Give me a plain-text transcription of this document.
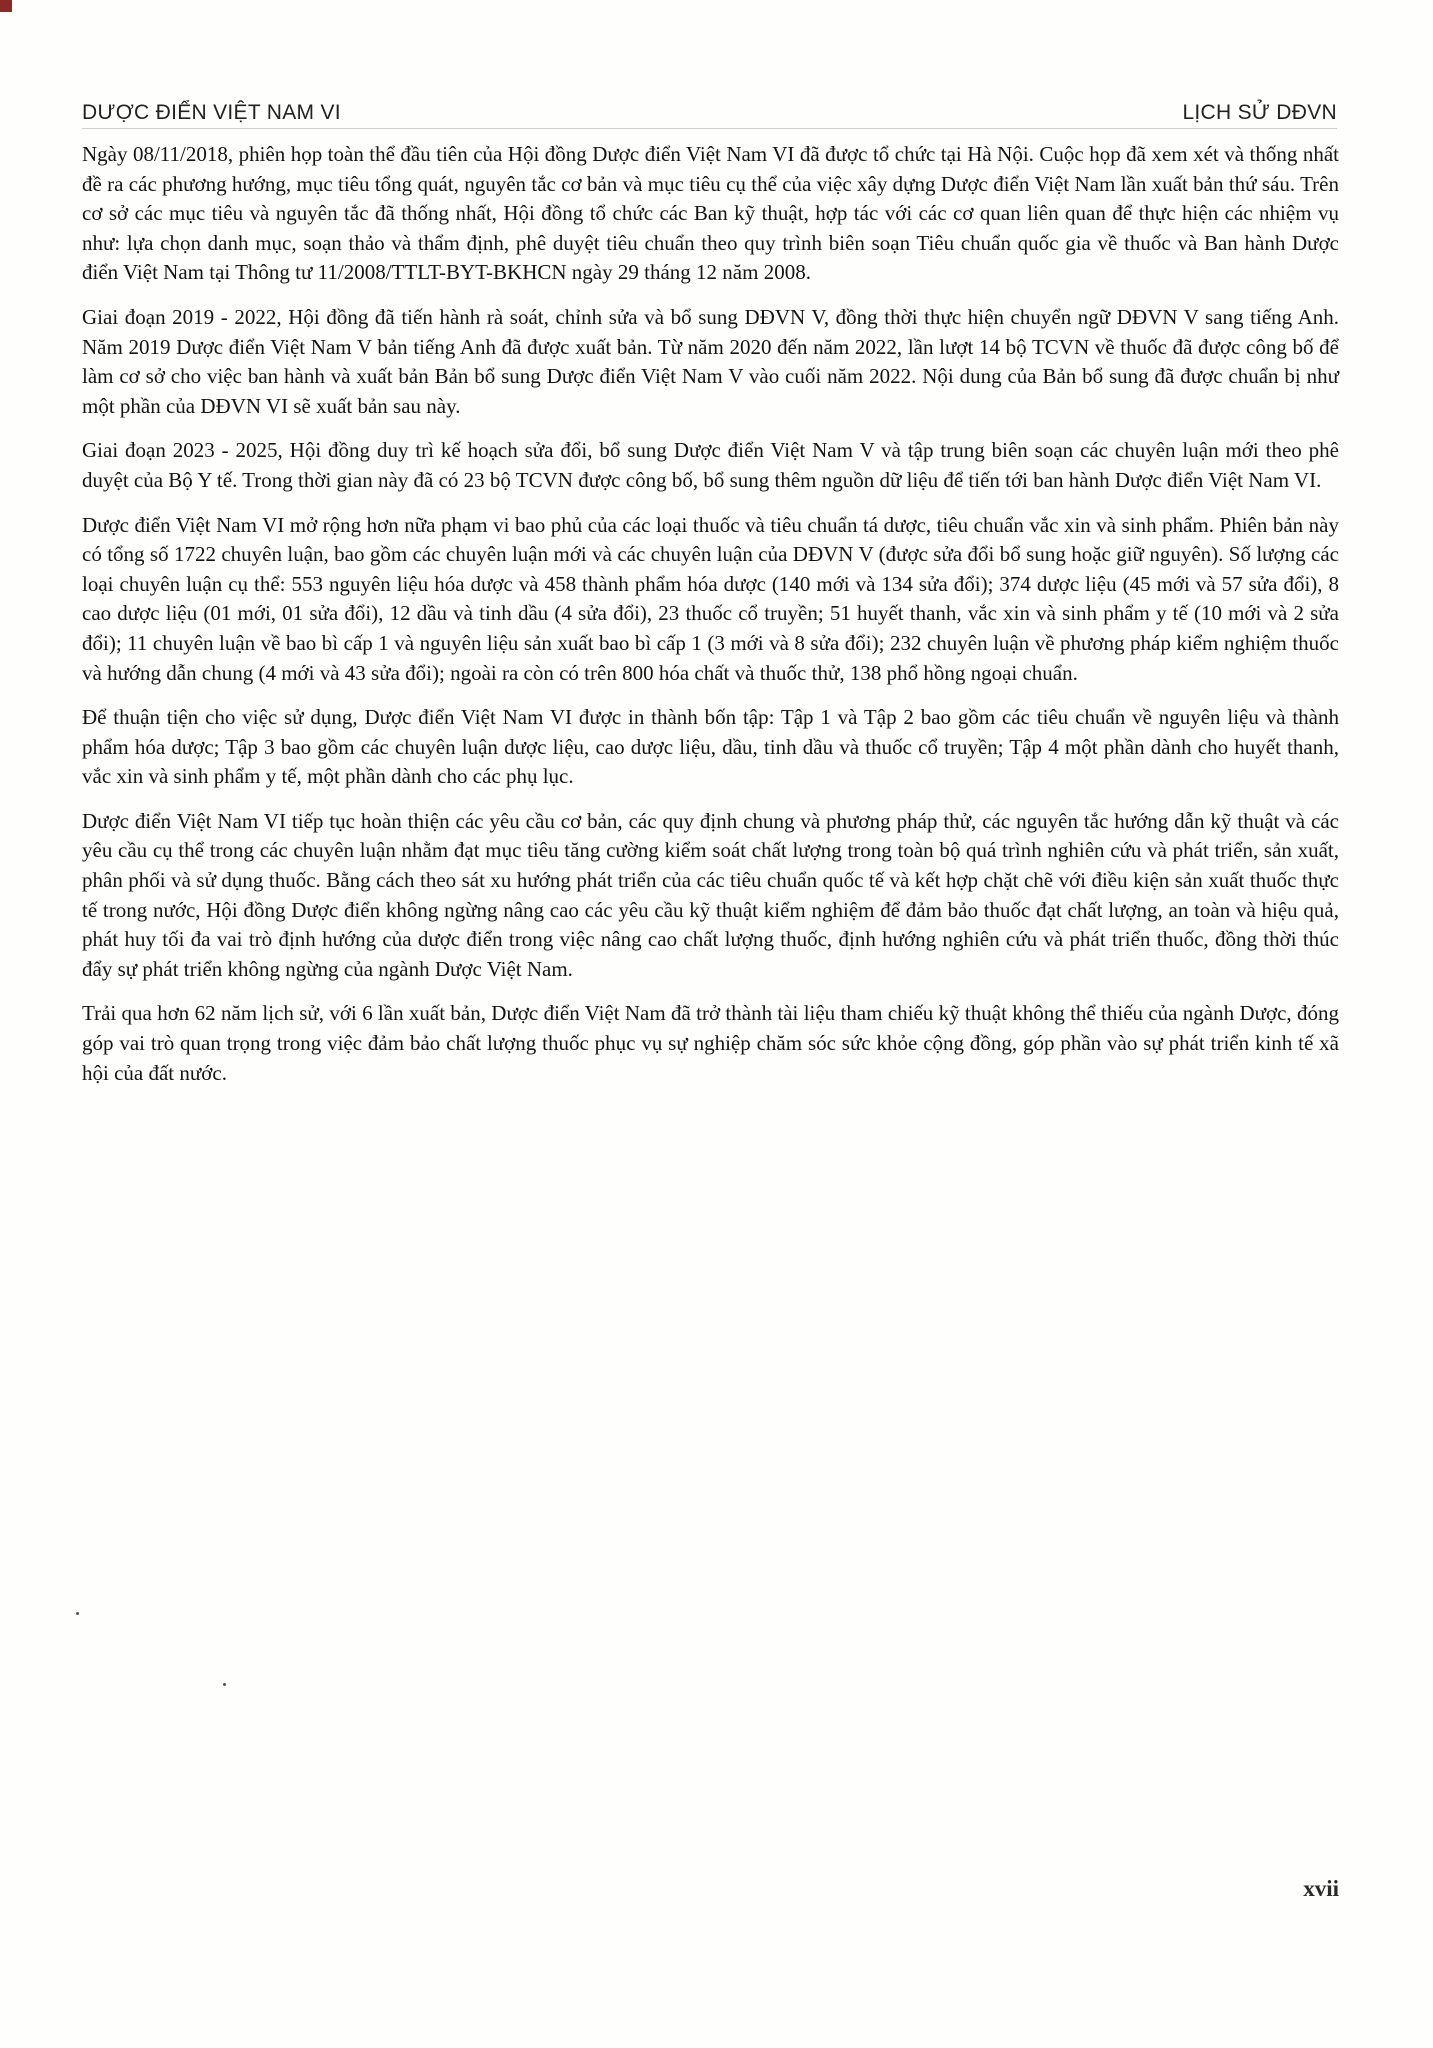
DƯỢC ĐIỂN VIỆT NAM VI	LỊCH SỬ DĐVN

Ngày 08/11/2018, phiên họp toàn thể đầu tiên của Hội đồng Dược điển Việt Nam VI đã được tổ chức tại Hà Nội. Cuộc họp đã xem xét và thống nhất đề ra các phương hướng, mục tiêu tổng quát, nguyên tắc cơ bản và mục tiêu cụ thể của việc xây dựng Dược điển Việt Nam lần xuất bản thứ sáu. Trên cơ sở các mục tiêu và nguyên tắc đã thống nhất, Hội đồng tổ chức các Ban kỹ thuật, hợp tác với các cơ quan liên quan để thực hiện các nhiệm vụ như: lựa chọn danh mục, soạn thảo và thẩm định, phê duyệt tiêu chuẩn theo quy trình biên soạn Tiêu chuẩn quốc gia về thuốc và Ban hành Dược điển Việt Nam tại Thông tư 11/2008/TTLT-BYT-BKHCN ngày 29 tháng 12 năm 2008.

Giai đoạn 2019 - 2022, Hội đồng đã tiến hành rà soát, chỉnh sửa và bổ sung DĐVN V, đồng thời thực hiện chuyển ngữ DĐVN V sang tiếng Anh. Năm 2019 Dược điển Việt Nam V bản tiếng Anh đã được xuất bản. Từ năm 2020 đến năm 2022, lần lượt 14 bộ TCVN về thuốc đã được công bố để làm cơ sở cho việc ban hành và xuất bản Bản bổ sung Dược điển Việt Nam V vào cuối năm 2022. Nội dung của Bản bổ sung đã được chuẩn bị như một phần của DĐVN VI sẽ xuất bản sau này.

Giai đoạn 2023 - 2025, Hội đồng duy trì kế hoạch sửa đổi, bổ sung Dược điển Việt Nam V và tập trung biên soạn các chuyên luận mới theo phê duyệt của Bộ Y tế. Trong thời gian này đã có 23 bộ TCVN được công bố, bổ sung thêm nguồn dữ liệu để tiến tới ban hành Dược điển Việt Nam VI.

Dược điển Việt Nam VI mở rộng hơn nữa phạm vi bao phủ của các loại thuốc và tiêu chuẩn tá dược, tiêu chuẩn vắc xin và sinh phẩm. Phiên bản này có tổng số 1722 chuyên luận, bao gồm các chuyên luận mới và các chuyên luận của DĐVN V (được sửa đổi bổ sung hoặc giữ nguyên). Số lượng các loại chuyên luận cụ thể: 553 nguyên liệu hóa dược và 458 thành phẩm hóa dược (140 mới và 134 sửa đổi); 374 dược liệu (45 mới và 57 sửa đổi), 8 cao dược liệu (01 mới, 01 sửa đổi), 12 dầu và tinh dầu (4 sửa đổi), 23 thuốc cổ truyền; 51 huyết thanh, vắc xin và sinh phẩm y tế (10 mới và 2 sửa đổi); 11 chuyên luận về bao bì cấp 1 và nguyên liệu sản xuất bao bì cấp 1 (3 mới và 8 sửa đổi); 232 chuyên luận về phương pháp kiểm nghiệm thuốc và hướng dẫn chung (4 mới và 43 sửa đổi); ngoài ra còn có trên 800 hóa chất và thuốc thử, 138 phổ hồng ngoại chuẩn.

Để thuận tiện cho việc sử dụng, Dược điển Việt Nam VI được in thành bốn tập: Tập 1 và Tập 2 bao gồm các tiêu chuẩn về nguyên liệu và thành phẩm hóa dược; Tập 3 bao gồm các chuyên luận dược liệu, cao dược liệu, dầu, tinh dầu và thuốc cổ truyền; Tập 4 một phần dành cho huyết thanh, vắc xin và sinh phẩm y tế, một phần dành cho các phụ lục.

Dược điển Việt Nam VI tiếp tục hoàn thiện các yêu cầu cơ bản, các quy định chung và phương pháp thử, các nguyên tắc hướng dẫn kỹ thuật và các yêu cầu cụ thể trong các chuyên luận nhằm đạt mục tiêu tăng cường kiểm soát chất lượng trong toàn bộ quá trình nghiên cứu và phát triển, sản xuất, phân phối và sử dụng thuốc. Bằng cách theo sát xu hướng phát triển của các tiêu chuẩn quốc tế và kết hợp chặt chẽ với điều kiện sản xuất thuốc thực tế trong nước, Hội đồng Dược điển không ngừng nâng cao các yêu cầu kỹ thuật kiểm nghiệm để đảm bảo thuốc đạt chất lượng, an toàn và hiệu quả, phát huy tối đa vai trò định hướng của dược điển trong việc nâng cao chất lượng thuốc, định hướng nghiên cứu và phát triển thuốc, đồng thời thúc đẩy sự phát triển không ngừng của ngành Dược Việt Nam.

Trải qua hơn 62 năm lịch sử, với 6 lần xuất bản, Dược điển Việt Nam đã trở thành tài liệu tham chiếu kỹ thuật không thể thiếu của ngành Dược, đóng góp vai trò quan trọng trong việc đảm bảo chất lượng thuốc phục vụ sự nghiệp chăm sóc sức khỏe cộng đồng, góp phần vào sự phát triển kinh tế xã hội của đất nước.

xvii
